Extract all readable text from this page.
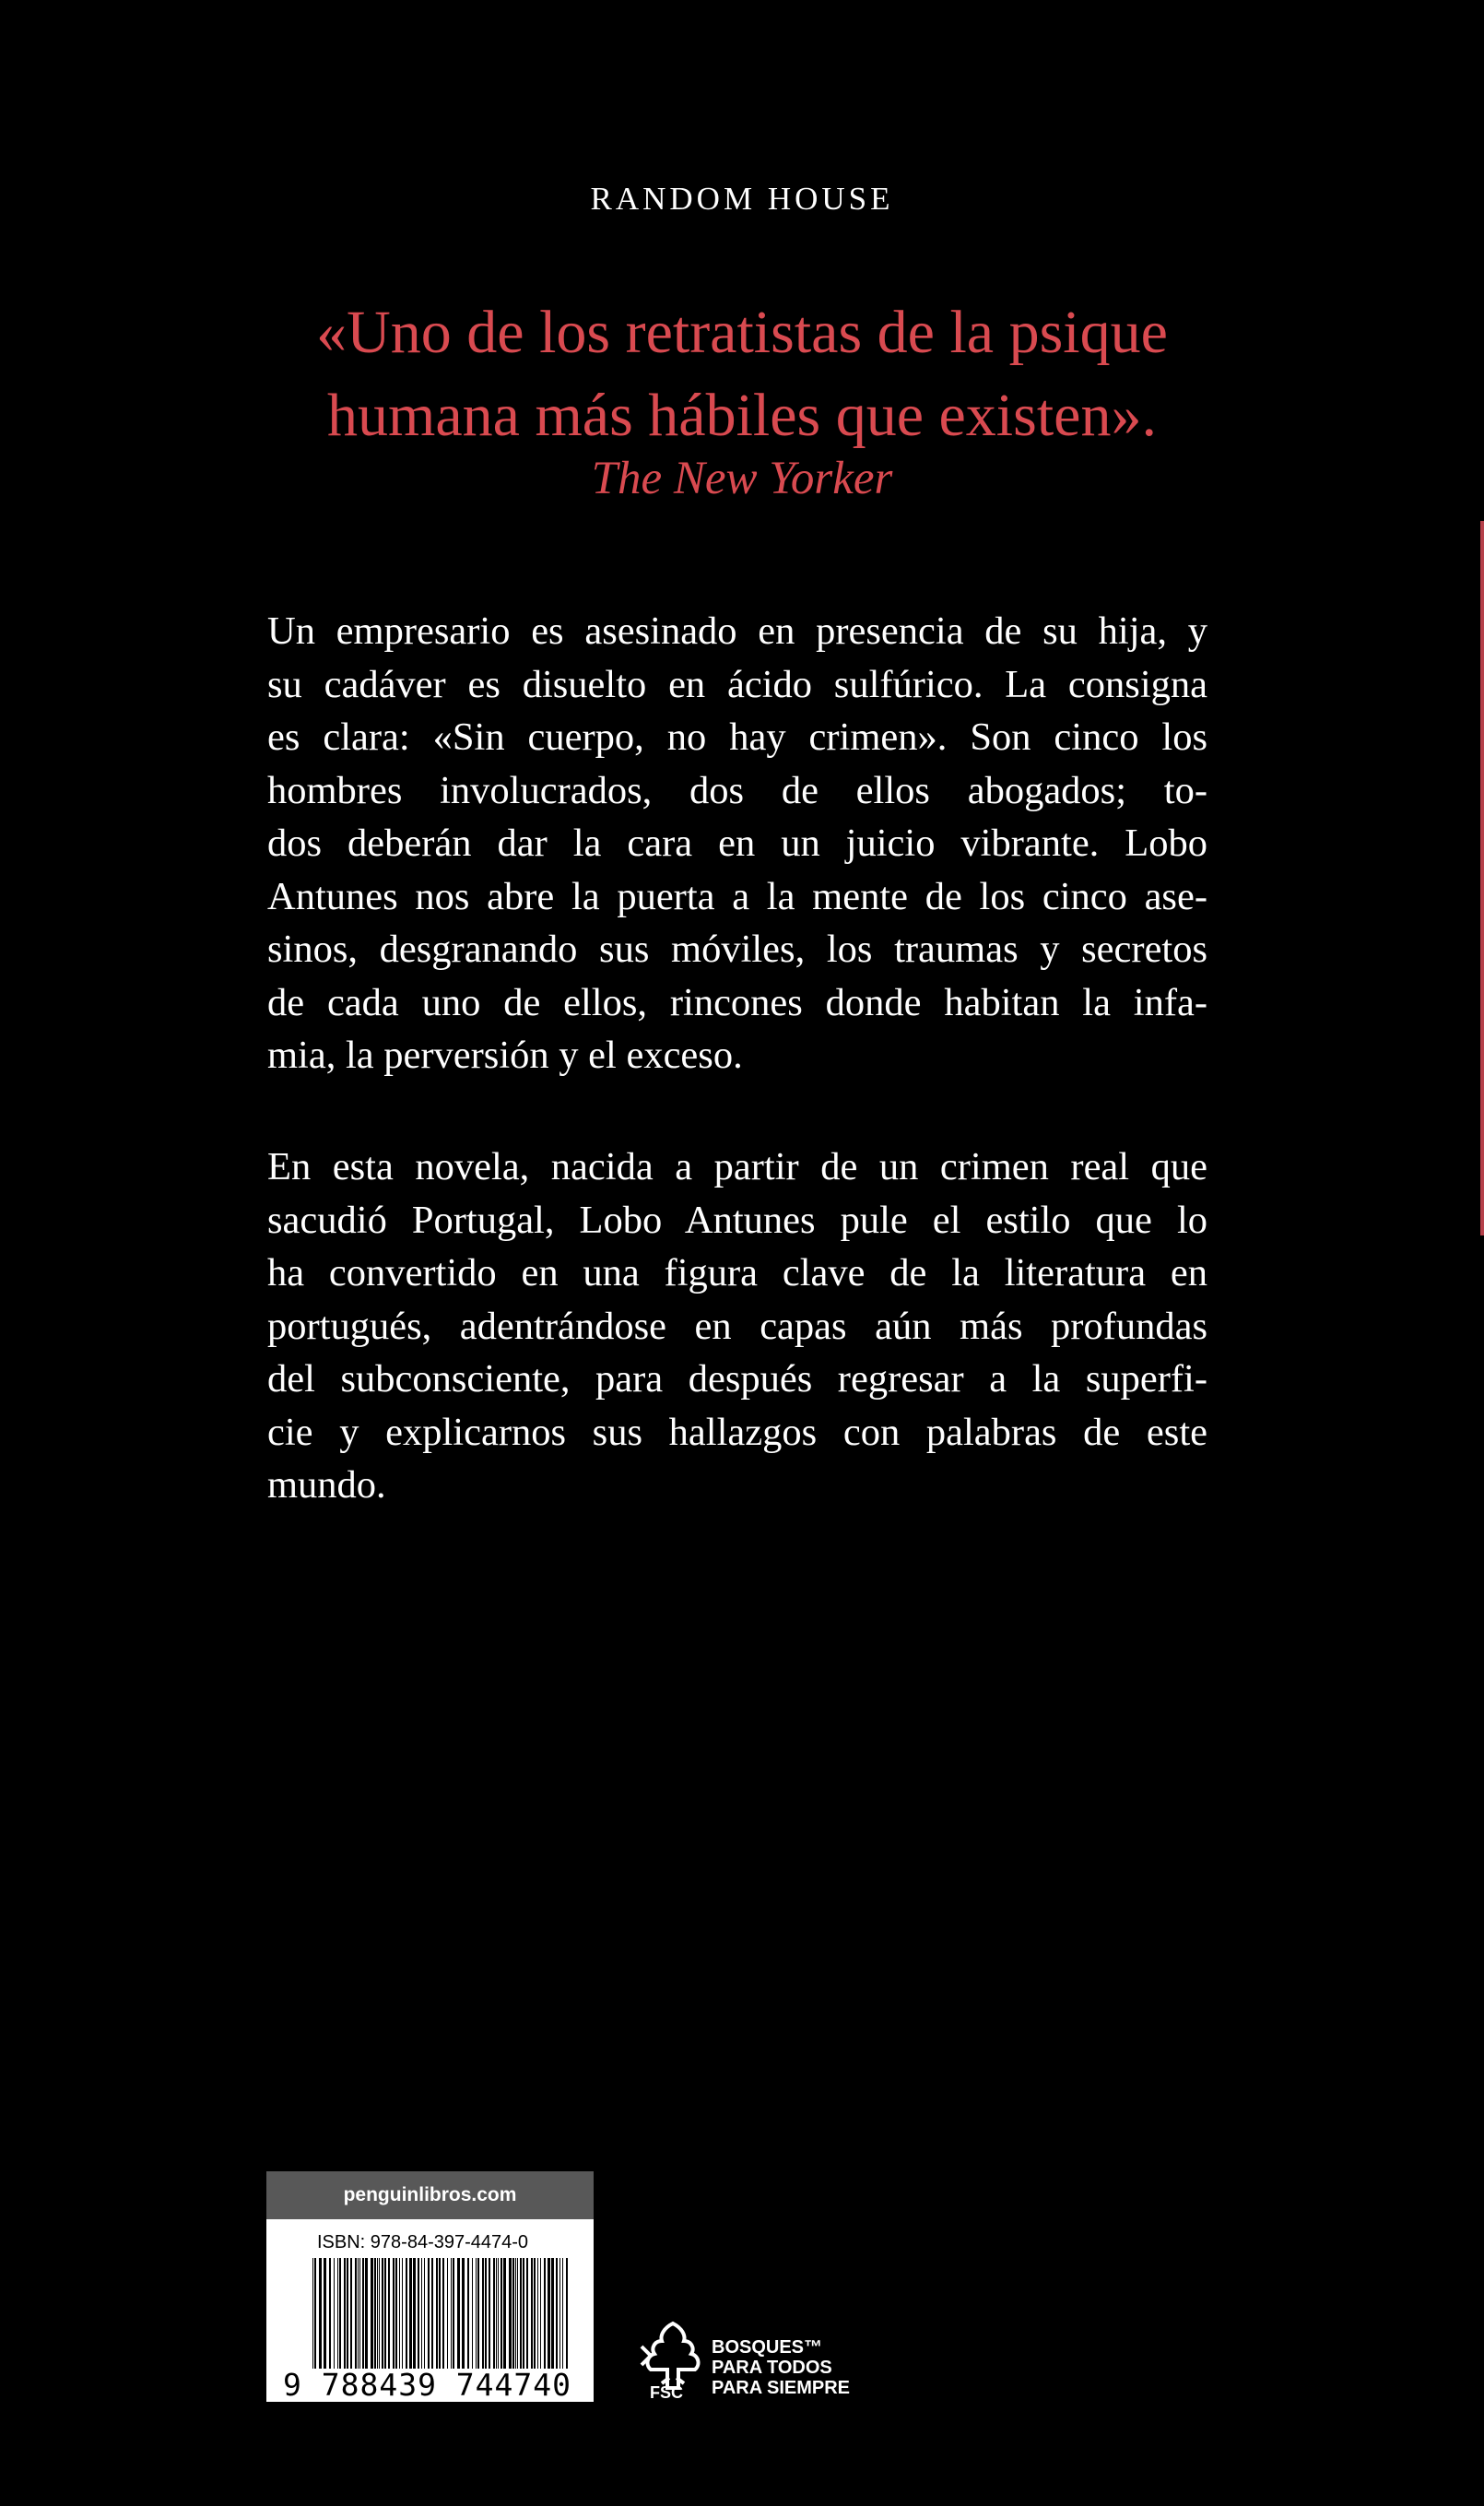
RANDOM HOUSE
«Uno de los retratistas de la psique
humana más hábiles que existen».
The New Yorker
Un empresario es asesinado en presencia de su hija, y
su cadáver es disuelto en ácido sulfúrico. La consigna
es clara: «Sin cuerpo, no hay crimen». Son cinco los
hombres involucrados, dos de ellos abogados; to-
dos deberán dar la cara en un juicio vibrante. Lobo
Antunes nos abre la puerta a la mente de los cinco ase-
sinos, desgranando sus móviles, los traumas y secretos
de cada uno de ellos, rincones donde habitan la infa-
mia, la perversión y el exceso.
En esta novela, nacida a partir de un crimen real que
sacudió Portugal, Lobo Antunes pule el estilo que lo
ha convertido en una figura clave de la literatura en
portugués, adentrándose en capas aún más profundas
del subconsciente, para después regresar a la superfi-
cie y explicarnos sus hallazgos con palabras de este
mundo.
penguinlibros.com
ISBN: 978-84-397-4474-0
9 788439 744740	FSC
BOSQUES™
PARA TODOS
PARA SIEMPRE
